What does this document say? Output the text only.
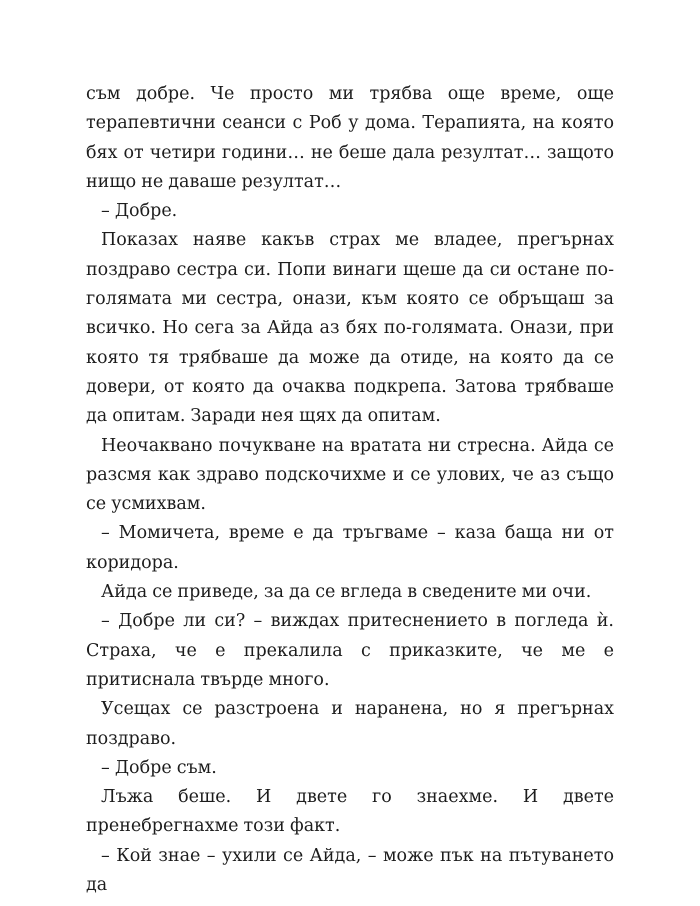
съм добре. Че просто ми трябва още време, още терапевтични сеанси с Роб у дома. Терапията, на която бях от четири години… не беше дала резултат… защото нищо не даваше резултат…

– Добре.

Показах наяве какъв страх ме владее, прегърнах поздраво сестра си. Попи винаги щеше да си остане по-голямата ми сестра, онази, към която се обръщаш за всичко. Но сега за Айда аз бях по-голямата. Онази, при която тя трябваше да може да отиде, на която да се довери, от която да очаква подкрепа. Затова трябваше да опитам. Заради нея щях да опитам.

Неочаквано почукване на вратата ни стресна. Айда се разсмя как здраво подскочихме и се улових, че аз също се усмихвам.

– Момичета, време е да тръгваме – каза баща ни от коридора.

Айда се приведе, за да се вгледа в сведените ми очи.

– Добре ли си? – виждах притеснението в погледа ѝ. Страха, че е прекалила с приказките, че ме е притиснала твърде много.

Усещах се разстроена и наранена, но я прегърнах поздраво.

– Добре съм.

Лъжа беше. И двете го знаехме. И двете пренебрегнахме този факт.

– Кой знае – ухили се Айда, – може пък на пътуването да
